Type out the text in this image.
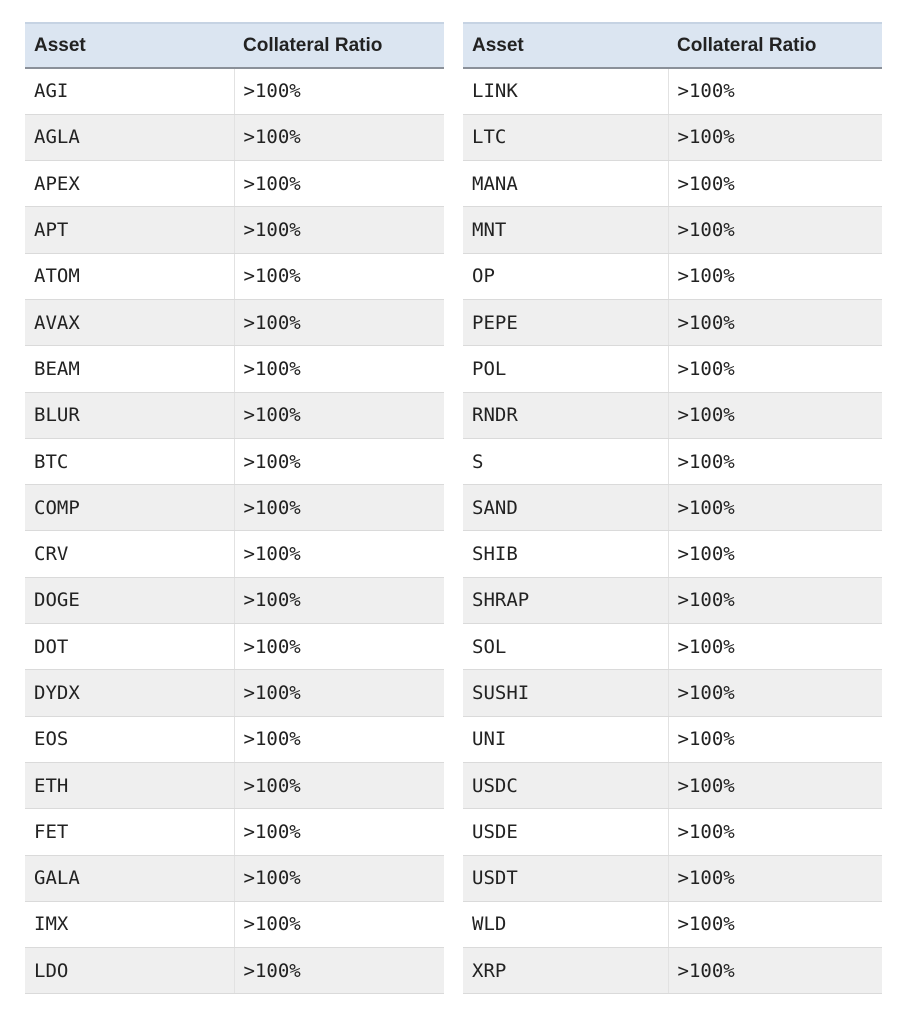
Asset	Collateral Ratio
AGI	>100%
AGLA	>100%
APEX	>100%
APT	>100%
ATOM	>100%
AVAX	>100%
BEAM	>100%
BLUR	>100%
BTC	>100%
COMP	>100%
CRV	>100%
DOGE	>100%
DOT	>100%
DYDX	>100%
EOS	>100%
ETH	>100%
FET	>100%
GALA	>100%
IMX	>100%
LDO	>100%
Asset	Collateral Ratio
LINK	>100%
LTC	>100%
MANA	>100%
MNT	>100%
OP	>100%
PEPE	>100%
POL	>100%
RNDR	>100%
S	>100%
SAND	>100%
SHIB	>100%
SHRAP	>100%
SOL	>100%
SUSHI	>100%
UNI	>100%
USDC	>100%
USDE	>100%
USDT	>100%
WLD	>100%
XRP	>100%
